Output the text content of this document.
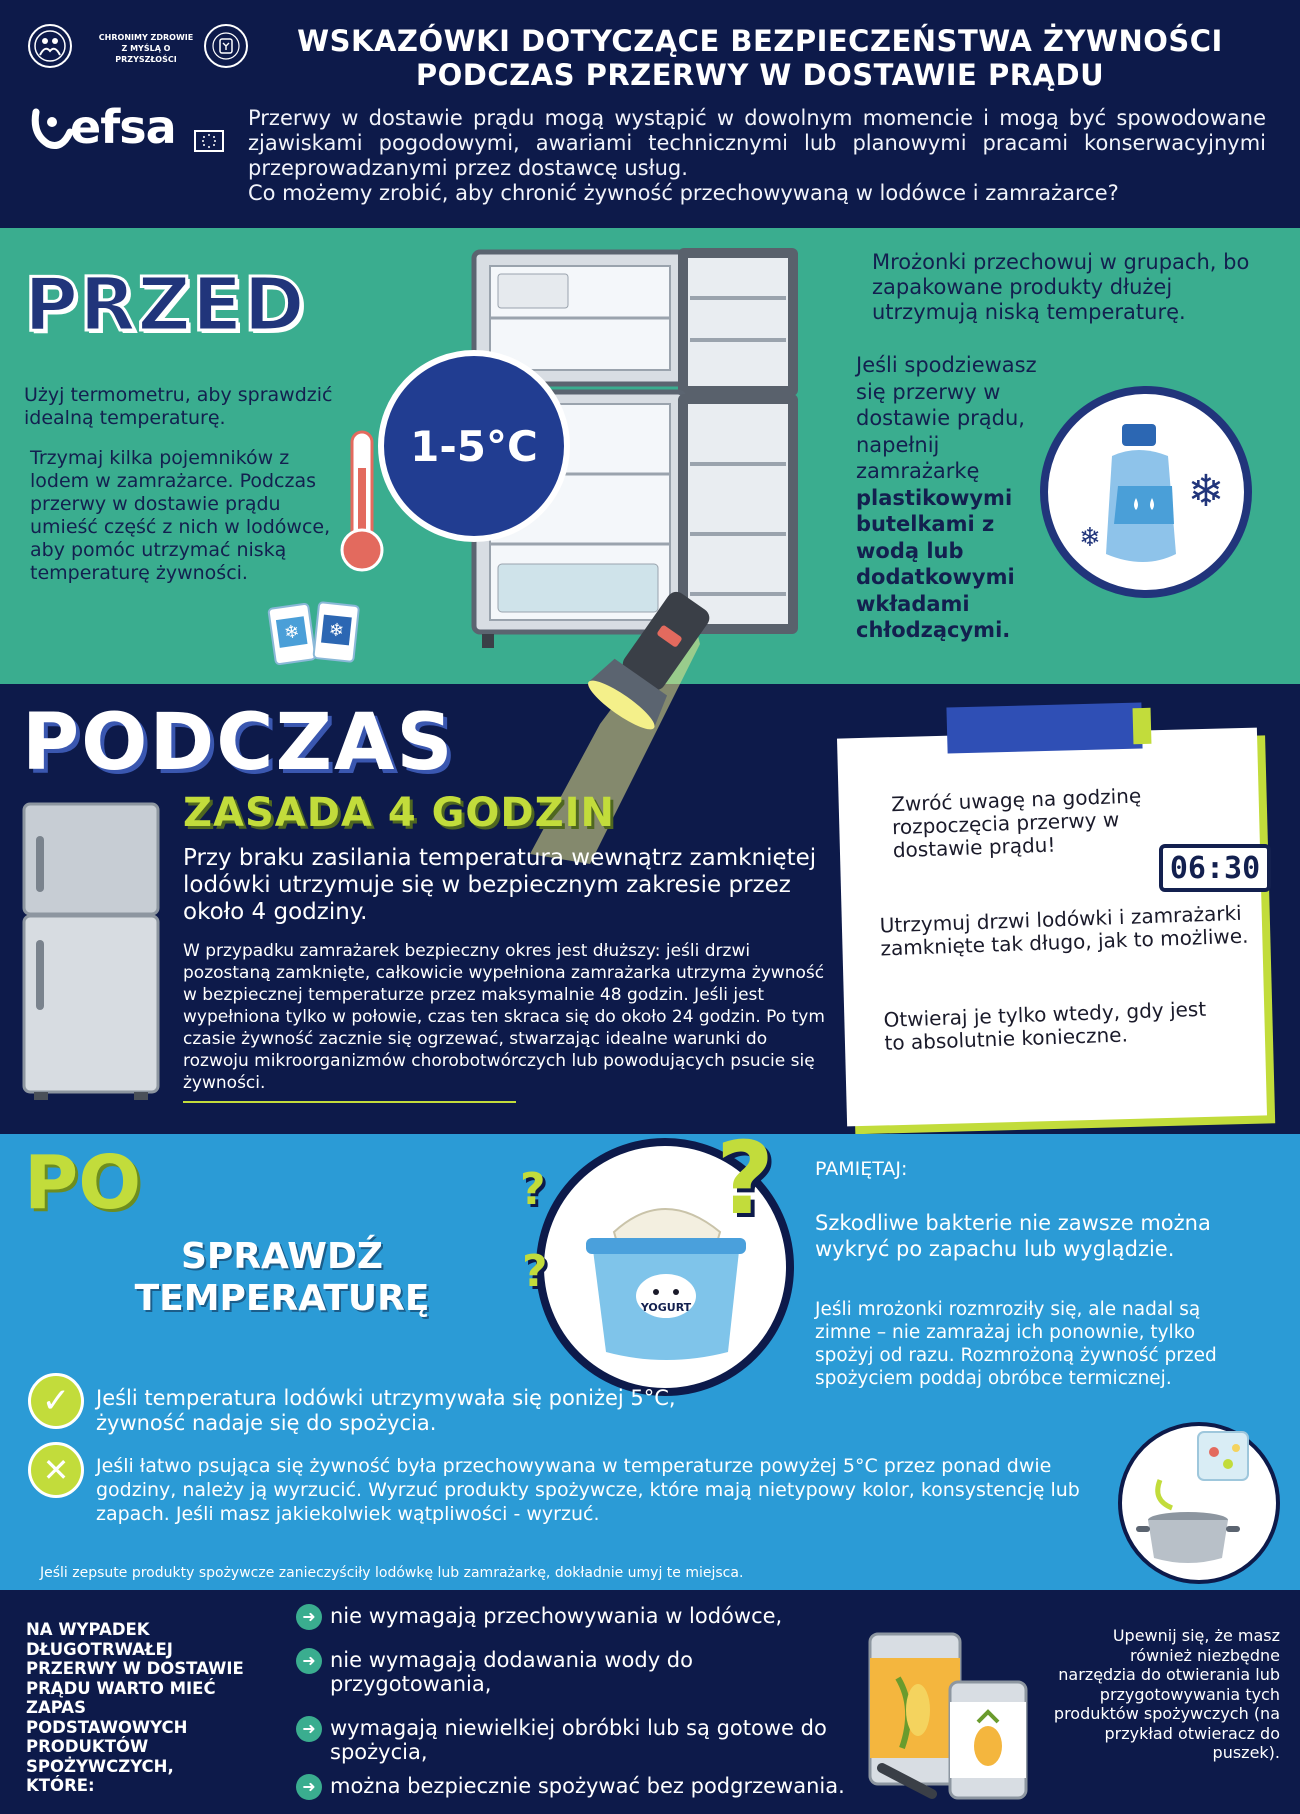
CHRONIMY ZDROWIE
Z MYŚLĄ O PRZYSZŁOŚCI
WSKAZÓWKI DOTYCZĄCE BEZPIECZEŃSTWA ŻYWNOŚCI
PODCZAS PRZERWY W DOSTAWIE PRĄDU
efsa	Przerwy w dostawie prądu mogą wystąpić w dowolnym momencie i mogą być spowodowane zjawiskami pogodowymi, awariami technicznymi lub planowymi pracami konserwacyjnymi przeprowadzanymi przez dostawcę usług.
Co możemy zrobić, aby chronić żywność przechowywaną w lodówce i zamrażarce?
PRZED
Użyj termometru, aby sprawdzić idealną temperaturę.
Trzymaj kilka pojemników z lodem w zamrażarce. Podczas przerwy w dostawie prądu umieść część z nich w lodówce, aby pomóc utrzymać niską temperaturę żywności.
❄ ❄
1-5°C
Mrożonki przechowuj w grupach, bo zapakowane produkty dłużej utrzymują niską temperaturę.
Jeśli spodziewasz się przerwy w dostawie prądu, napełnij zamrażarkę plastikowymi butelkami z wodą lub dodatkowymi wkładami chłodzącymi.
❄
❄
PODCZAS
ZASADA 4 GODZIN
Przy braku zasilania temperatura wewnątrz zamkniętej lodówki utrzymuje się w bezpiecznym zakresie przez około 4 godziny.
W przypadku zamrażarek bezpieczny okres jest dłuższy: jeśli drzwi pozostaną zamknięte, całkowicie wypełniona zamrażarka utrzyma żywność w bezpiecznej temperaturze przez maksymalnie 48 godzin. Jeśli jest wypełniona tylko w połowie, czas ten skraca się do około 24 godzin. Po tym czasie żywność zacznie się ogrzewać, stwarzając idealne warunki do rozwoju mikroorganizmów chorobotwórczych lub powodujących psucie się żywności.
Zwróć uwagę na godzinę rozpoczęcia przerwy w dostawie prądu!
06:30
Utrzymuj drzwi lodówki i zamrażarki zamknięte tak długo, jak to możliwe.
Otwieraj je tylko wtedy, gdy jest to absolutnie konieczne.
PO
SPRAWDŹ TEMPERATURĘ	YOGURT
?
?
?
PAMIĘTAJ:
Szkodliwe bakterie nie zawsze można wykryć po zapachu lub wyglądzie.
Jeśli mrożonki rozmroziły się, ale nadal są zimne – nie zamrażaj ich ponownie, tylko spożyj od razu. Rozmrożoną żywność przed spożyciem poddaj obróbce termicznej.
✓	Jeśli temperatura lodówki utrzymywała się poniżej 5°C, żywność nadaje się do spożycia.
✕	Jeśli łatwo psująca się żywność była przechowywana w temperaturze powyżej 5°C przez ponad dwie godziny, należy ją wyrzucić. Wyrzuć produkty spożywcze, które mają nietypowy kolor, konsystencję lub zapach. Jeśli masz jakiekolwiek wątpliwości - wyrzuć.
Jeśli zepsute produkty spożywcze zanieczyściły lodówkę lub zamrażarkę, dokładnie umyj te miejsca.
NA WYPADEK DŁUGOTRWAŁEJ PRZERWY W DOSTAWIE PRĄDU WARTO MIEĆ ZAPAS PODSTAWOWYCH PRODUKTÓW SPOŻYWCZYCH, KTÓRE:
➜ nie wymagają przechowywania w lodówce,
➜ nie wymagają dodawania wody do przygotowania,
➜ wymagają niewielkiej obróbki lub są gotowe do spożycia,
➜ można bezpiecznie spożywać bez podgrzewania.
Upewnij się, że masz również niezbędne narzędzia do otwierania lub przygotowywania tych produktów spożywczych (na przykład otwieracz do puszek).
